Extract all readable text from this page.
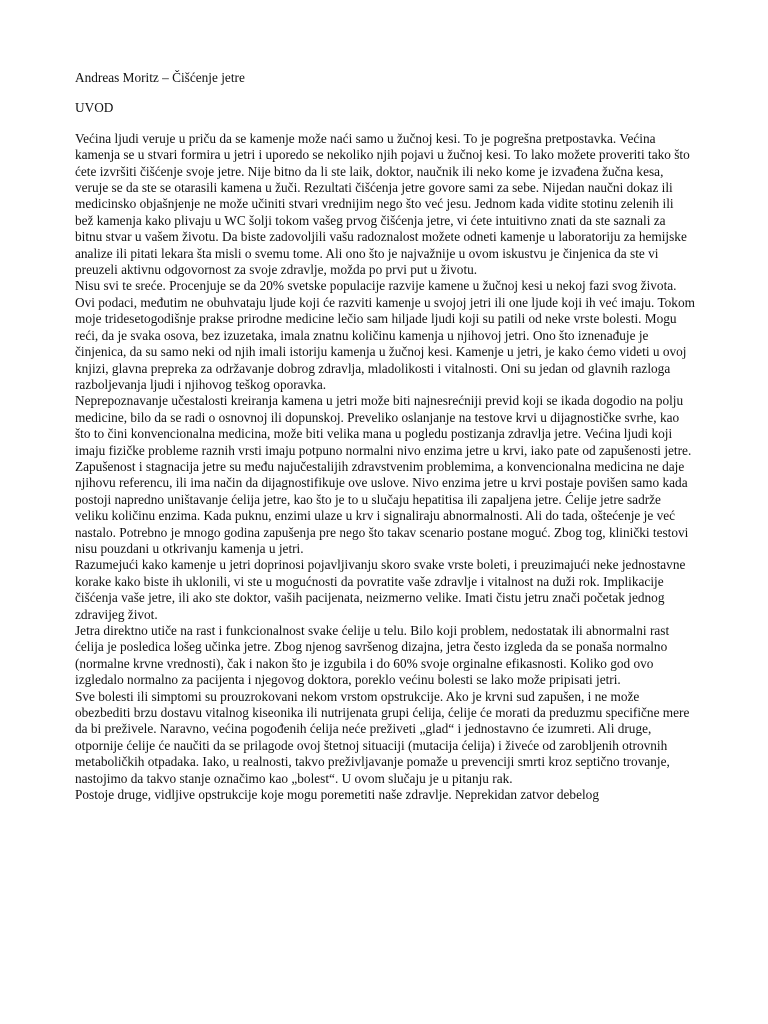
Andreas Moritz – Čišćenje jetre

UVOD

Većina ljudi veruje u priču da se kamenje može naći samo u žučnoj kesi. To je pogrešna pretpostavka. Većina kamenja se u stvari formira u jetri i uporedo se nekoliko njih pojavi u žučnoj kesi. To lako možete proveriti tako što ćete izvršiti čišćenje svoje jetre. Nije bitno da li ste laik, doktor, naučnik ili neko kome je izvađena žučna kesa, veruje se da ste se otarasili kamena u žuči. Rezultati čišćenja jetre govore sami za sebe. Nijedan naučni dokaz ili medicinsko objašnjenje ne može učiniti stvari vrednijim nego što već jesu. Jednom kada vidite stotinu zelenih ili bež kamenja kako plivaju u WC šolji tokom vašeg prvog čišćenja jetre, vi ćete intuitivno znati da ste saznali za bitnu stvar u vašem životu. Da biste zadovoljili vašu radoznalost možete odneti kamenje u laboratoriju za hemijske analize ili pitati lekara šta misli o svemu tome. Ali ono što je najvažnije u ovom iskustvu je činjenica da ste vi preuzeli aktivnu odgovornost za svoje zdravlje, možda po prvi put u životu.

Nisu svi te sreće. Procenjuje se da 20% svetske populacije razvije kamene u žučnoj kesi u nekoj fazi svog života. Ovi podaci, međutim ne obuhvataju ljude koji će razviti kamenje u svojoj jetri ili one ljude koji ih već imaju. Tokom moje tridesetogodišnje prakse prirodne medicine lečio sam hiljade ljudi koji su patili od neke vrste bolesti. Mogu reći, da je svaka osova, bez izuzetaka, imala znatnu količinu kamenja u njihovoj jetri. Ono što iznenađuje je činjenica, da su samo neki od njih imali istoriju kamenja u žučnoj kesi. Kamenje u jetri, je kako ćemo videti u ovoj knjizi, glavna prepreka za održavanje dobrog zdravlja, mladolikosti i vitalnosti. Oni su jedan od glavnih razloga razboljevanja ljudi i njihovog teškog oporavka.

Neprepoznavanje učestalosti kreiranja kamena u jetri može biti najnesrećniji previd koji se ikada dogodio na polju medicine, bilo da se radi o osnovnoj ili dopunskoj. Preveliko oslanjanje na testove krvi u dijagnostičke svrhe, kao što to čini konvencionalna medicina, može biti velika mana u pogledu postizanja zdravlja jetre. Većina ljudi koji imaju fizičke probleme raznih vrsti imaju potpuno normalni nivo enzima jetre u krvi, iako pate od zapušenosti jetre. Zapušenost i stagnacija jetre su među najučestalijih zdravstvenim problemima, a konvencionalna medicina ne daje njihovu referencu, ili ima način da dijagnostifikuje ove uslove. Nivo enzima jetre u krvi postaje povišen samo kada postoji napredno uništavanje ćelija jetre, kao što je to u slučaju hepatitisa ili zapaljena jetre. Ćelije jetre sadrže veliku količinu enzima. Kada puknu, enzimi ulaze u krv i signaliraju abnormalnosti. Ali do tada, oštećenje je već nastalo. Potrebno je mnogo godina zapušenja pre nego što takav scenario postane moguć. Zbog tog, klinički testovi nisu pouzdani u otkrivanju kamenja u jetri.

Razumejući kako kamenje u jetri doprinosi pojavljivanju skoro svake vrste boleti, i preuzimajući neke jednostavne korake kako biste ih uklonili, vi ste u mogućnosti da povratite vaše zdravlje i vitalnost na duži rok. Implikacije čišćenja vaše jetre, ili ako ste doktor, vaših pacijenata, neizmerno velike. Imati čistu jetru znači početak jednog zdravijeg život.

Jetra direktno utiče na rast i funkcionalnost svake ćelije u telu. Bilo koji problem, nedostatak ili abnormalni rast ćelija je posledica lošeg učinka jetre. Zbog njenog savršenog dizajna, jetra često izgleda da se ponaša normalno (normalne krvne vrednosti), čak i nakon što je izgubila i do 60% svoje orginalne efikasnosti. Koliko god ovo izgledalo normalno za pacijenta i njegovog doktora, poreklo većinu bolesti se lako može pripisati jetri.

Sve bolesti ili simptomi su prouzrokovani nekom vrstom opstrukcije. Ako je krvni sud zapušen, i ne može obezbediti brzu dostavu vitalnog kiseonika ili nutrijenata grupi ćelija, ćelije će morati da preduzmu specifične mere da bi preživele. Naravno, većina pogođenih ćelija neće preživeti „glad“ i jednostavno će izumreti. Ali druge, otpornije ćelije će naučiti da se prilagode ovoj štetnoj situaciji (mutacija ćelija) i živeće od zarobljenih otrovnih metaboličkih otpadaka. Iako, u realnosti, takvo preživljavanje pomaže u prevenciji smrti kroz septično trovanje, nastojimo da takvo stanje označimo kao „bolest“. U ovom slučaju je u pitanju rak.

Postoje druge, vidljive opstrukcije koje mogu poremetiti naše zdravlje. Neprekidan zatvor debelog
